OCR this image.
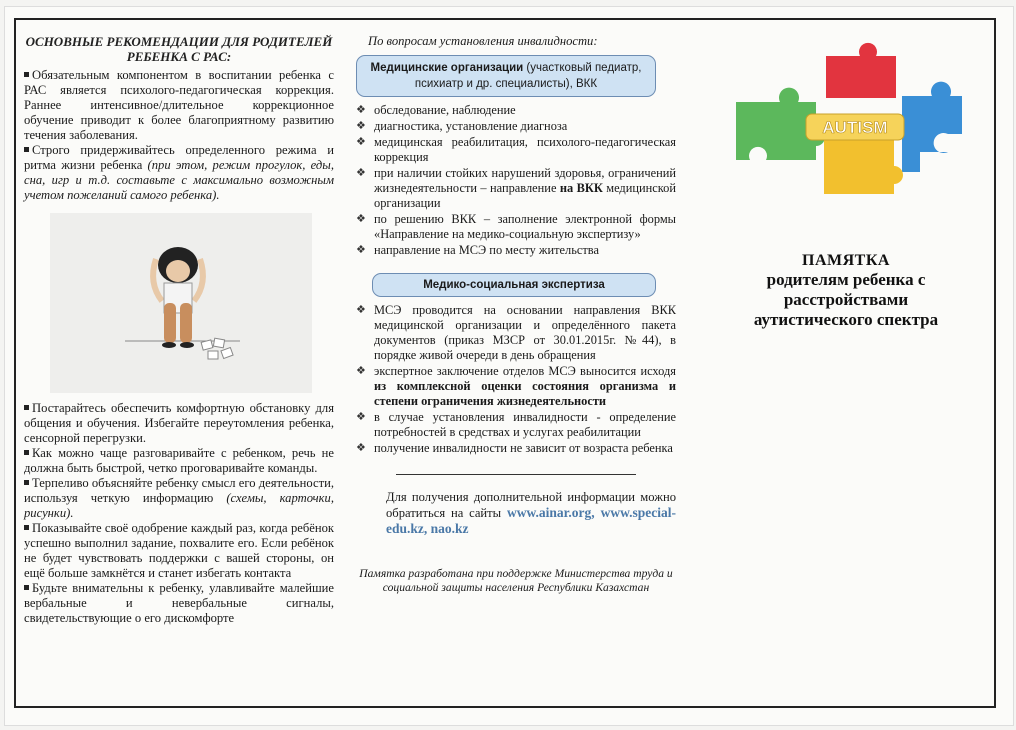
ОСНОВНЫЕ РЕКОМЕНДАЦИИ ДЛЯ РОДИТЕЛЕЙ РЕБЕНКА С РАС:

Обязательным компонентом в воспитании ребенка с РАС является психолого-педагогическая коррекция. Раннее интенсивное/длительное коррекционное обучение приводит к более благоприятному развитию течения заболевания.

Строго придерживайтесь определенного режима и ритма жизни ребенка (при этом, режим прогулок, еды, сна, игр и т.д. составьте с максимально возможным учетом пожеланий самого ребенка).

Постарайтесь обеспечить комфортную обстановку для общения и обучения. Избегайте переутомления ребенка, сенсорной перегрузки.

Как можно чаще разговаривайте с ребенком, речь не должна быть быстрой, четко проговаривайте команды.

Терпеливо объясняйте ребенку смысл его деятельности, используя четкую информацию (схемы, карточки, рисунки).

Показывайте своё одобрение каждый раз, когда ребёнок успешно выполнил задание, похвалите его. Если ребёнок не будет чувствовать поддержки с вашей стороны, он ещё больше замкнётся и станет избегать контакта

Будьте внимательны к ребенку, улавливайте малейшие вербальные и невербальные сигналы, свидетельствующие о его дискомфорте

По вопросам установления инвалидности:
Медицинские организации (участковый педиатр, психиатр и др. специалисты), ВКК
❖ обследование, наблюдение
❖ диагностика, установление диагноза
❖ медицинская реабилитация, психолого-педагогическая коррекция
❖ при наличии стойких нарушений здоровья, ограничений жизнедеятельности – направление на ВКК медицинской организации
❖ по решению ВКК – заполнение электронной формы «Направление на медико-социальную экспертизу»
❖ направление на МСЭ по месту жительства
Медико-социальная экспертиза
❖ МСЭ проводится на основании направления ВКК медицинской организации и определённого пакета документов (приказ МЗСР от 30.01.2015г. №44), в порядке живой очереди в день обращения
❖ экспертное заключение отделов МСЭ выносится исходя из комплексной оценки состояния организма и степени ограничения жизнедеятельности
❖ в случае установления инвалидности - определение потребностей в средствах и услугах реабилитации
❖ получение инвалидности не зависит от возраста ребенка
Для получения дополнительной информации можно обратиться на сайты www.ainar.org, www.special-edu.kz, nao.kz
Памятка разработана при поддержке Министерства труда и социальной защиты населения Республики Казахстан
AUTISM
ПАМЯТКА
родителям ребенка с расстройствами аутистического спектра
